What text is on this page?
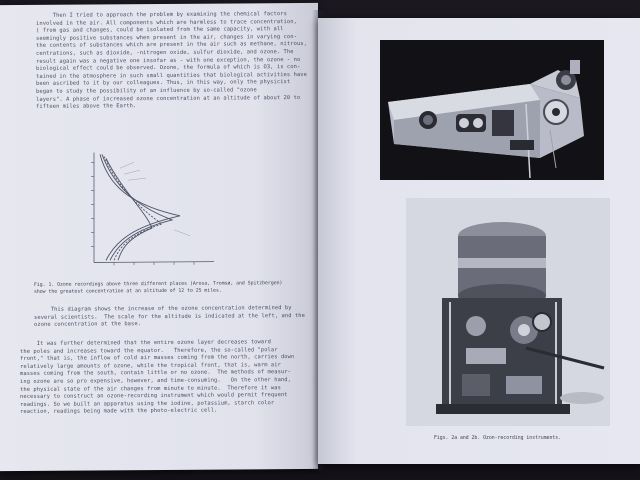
Then I tried to approach the problem by examining the chemical factors
involved in the air. All components which are harmless to trace concentration,
( from gas and changes, could be isolated from the same capacity, with all
seemingly positive substances when present in the air, changes in varying con-
the contents of substances which are present in the air such as methane, nitrous,
centrations, such as dioxide, -nitrogen oxide, sulfur dioxide, and ozone. The
result again was a negative one insofar as - with one exception, the ozone - no
biological effect could be observed. Ozone, the formula of which is O3, is con-
tained in the atmosphere in such small quantities that biological activities have
been ascribed to it by our colleagues. Thus, in this way, only the physicist
began to study the possibility of an influence by so-called "ozone
layers". A phase of increased ozone concentration at an altitude of about 20 to
fifteen miles above the Earth.

Fig. 1. Ozone recordings above three different places (Arosa, Tromsø, and Spitzbergen) show the greatest concentration at an altitude of 12 to 25 miles.

This diagram shows the increase of the ozone concentration determined by
several scientists.  The scale for the altitude is indicated at the left, and the
ozone concentration at the base.

It was further determined that the entire ozone layer decreases toward
the poles and increases toward the equator.   Therefore, the so-called "polar
front," that is, the inflow of cold air masses coming from the north, carries down
relatively large amounts of ozone, while the tropical front, that is, warm air
masses coming from the south, contain little or no ozone.  The methods of measur-
ing ozone are so pro expensive, however, and time-consuming.   On the other hand,
the physical state of the air changes from minute to minute.  Therefore it was
necessary to construct an ozone-recording instrument which would permit frequent
readings. So we built an apparatus using the iodine, potassium, starch color
reaction, readings being made with the photo-electric cell.

Figs. 2a and 2b. Ozon-recording instruments.
